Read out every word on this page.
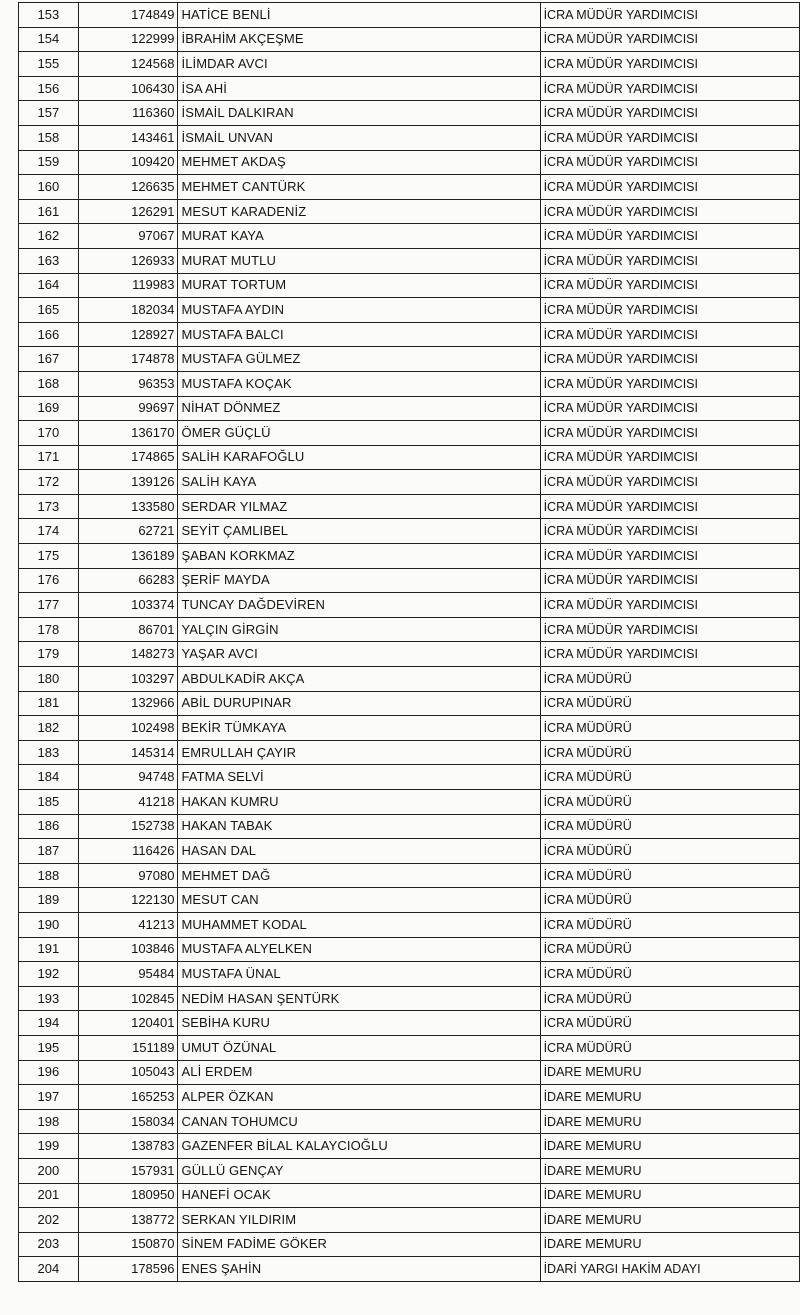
153	174849	HATİCE BENLİ	İCRA MÜDÜR YARDIMCISI
154	122999	İBRAHİM AKÇEŞME	İCRA MÜDÜR YARDIMCISI
155	124568	İLİMDAR AVCI	İCRA MÜDÜR YARDIMCISI
156	106430	İSA AHİ	İCRA MÜDÜR YARDIMCISI
157	116360	İSMAİL DALKIRAN	İCRA MÜDÜR YARDIMCISI
158	143461	İSMAİL UNVAN	İCRA MÜDÜR YARDIMCISI
159	109420	MEHMET AKDAŞ	İCRA MÜDÜR YARDIMCISI
160	126635	MEHMET CANTÜRK	İCRA MÜDÜR YARDIMCISI
161	126291	MESUT KARADENİZ	İCRA MÜDÜR YARDIMCISI
162	97067	MURAT KAYA	İCRA MÜDÜR YARDIMCISI
163	126933	MURAT MUTLU	İCRA MÜDÜR YARDIMCISI
164	119983	MURAT TORTUM	İCRA MÜDÜR YARDIMCISI
165	182034	MUSTAFA AYDIN	İCRA MÜDÜR YARDIMCISI
166	128927	MUSTAFA BALCI	İCRA MÜDÜR YARDIMCISI
167	174878	MUSTAFA GÜLMEZ	İCRA MÜDÜR YARDIMCISI
168	96353	MUSTAFA KOÇAK	İCRA MÜDÜR YARDIMCISI
169	99697	NİHAT DÖNMEZ	İCRA MÜDÜR YARDIMCISI
170	136170	ÖMER GÜÇLÜ	İCRA MÜDÜR YARDIMCISI
171	174865	SALİH KARAFOĞLU	İCRA MÜDÜR YARDIMCISI
172	139126	SALİH KAYA	İCRA MÜDÜR YARDIMCISI
173	133580	SERDAR YILMAZ	İCRA MÜDÜR YARDIMCISI
174	62721	SEYİT ÇAMLIBEL	İCRA MÜDÜR YARDIMCISI
175	136189	ŞABAN KORKMAZ	İCRA MÜDÜR YARDIMCISI
176	66283	ŞERİF MAYDA	İCRA MÜDÜR YARDIMCISI
177	103374	TUNCAY DAĞDEVİREN	İCRA MÜDÜR YARDIMCISI
178	86701	YALÇIN GİRGİN	İCRA MÜDÜR YARDIMCISI
179	148273	YAŞAR AVCI	İCRA MÜDÜR YARDIMCISI
180	103297	ABDULKADİR AKÇA	İCRA MÜDÜRÜ
181	132966	ABİL DURUPINAR	İCRA MÜDÜRÜ
182	102498	BEKİR TÜMKAYA	İCRA MÜDÜRÜ
183	145314	EMRULLAH ÇAYIR	İCRA MÜDÜRÜ
184	94748	FATMA SELVİ	İCRA MÜDÜRÜ
185	41218	HAKAN KUMRU	İCRA MÜDÜRÜ
186	152738	HAKAN TABAK	İCRA MÜDÜRÜ
187	116426	HASAN DAL	İCRA MÜDÜRÜ
188	97080	MEHMET DAĞ	İCRA MÜDÜRÜ
189	122130	MESUT CAN	İCRA MÜDÜRÜ
190	41213	MUHAMMET KODAL	İCRA MÜDÜRÜ
191	103846	MUSTAFA ALYELKEN	İCRA MÜDÜRÜ
192	95484	MUSTAFA ÜNAL	İCRA MÜDÜRÜ
193	102845	NEDİM HASAN ŞENTÜRK	İCRA MÜDÜRÜ
194	120401	SEBİHA KURU	İCRA MÜDÜRÜ
195	151189	UMUT ÖZÜNAL	İCRA MÜDÜRÜ
196	105043	ALİ ERDEM	İDARE MEMURU
197	165253	ALPER ÖZKAN	İDARE MEMURU
198	158034	CANAN TOHUMCU	İDARE MEMURU
199	138783	GAZENFER BİLAL KALAYCIOĞLU	İDARE MEMURU
200	157931	GÜLLÜ GENÇAY	İDARE MEMURU
201	180950	HANEFİ OCAK	İDARE MEMURU
202	138772	SERKAN YILDIRIM	İDARE MEMURU
203	150870	SİNEM FADİME GÖKER	İDARE MEMURU
204	178596	ENES ŞAHİN	İDARİ YARGI HAKİM ADAYI
